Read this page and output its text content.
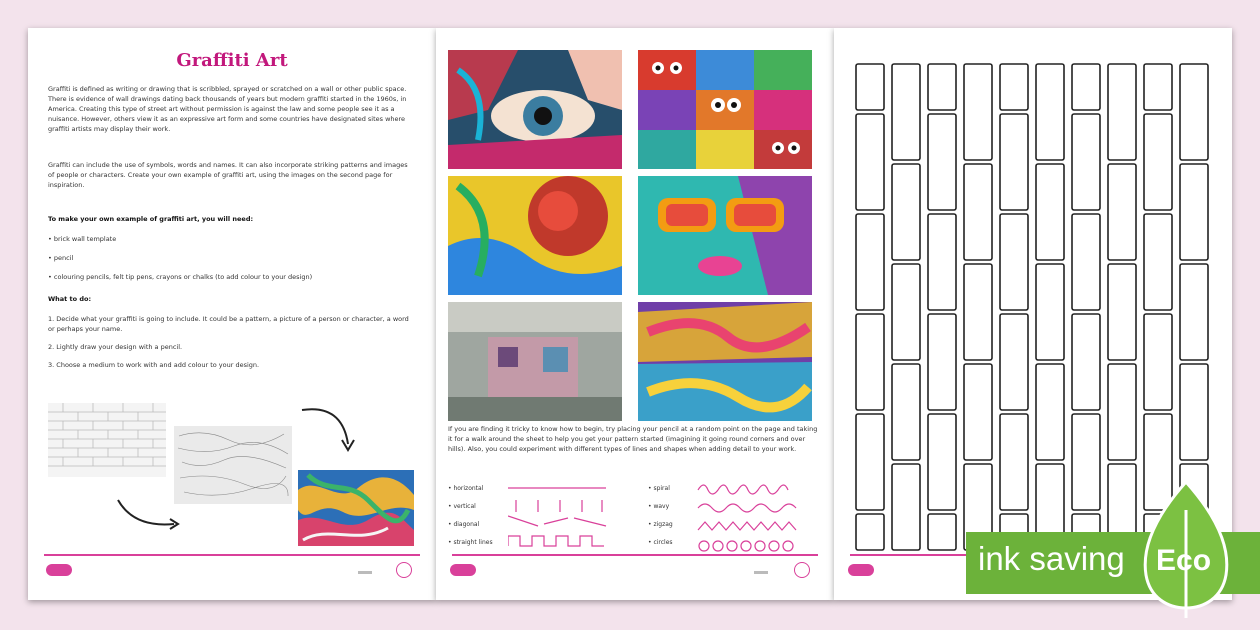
Graffiti Art
Graffiti is defined as writing or drawing that is scribbled, sprayed or scratched on a wall or other public space. There is evidence of wall drawings dating back thousands of years but modern graffiti started in the 1960s, in America. Creating this type of street art without permission is against the law and some people see it as a nuisance. However, others view it as an expressive art form and some countries have designated sites where graffiti artists may display their work.
Graffiti can include the use of symbols, words and names. It can also incorporate striking patterns and images of people or characters. Create your own example of graffiti art, using the images on the second page for inspiration.
To make your own example of graffiti art, you will need:
• brick wall template
• pencil
• colouring pencils, felt tip pens, crayons or chalks (to add colour to your design)
What to do:
1. Decide what your graffiti is going to include. It could be a pattern, a picture of a person or character, a word or perhaps your name.
2. Lightly draw your design with a pencil.
3. Choose a medium to work with and add colour to your design.
If you are finding it tricky to know how to begin, try placing your pencil at a random point on the page and taking it for a walk around the sheet to help you get your pattern started (imagining it going round corners and over hills). Also, you could experiment with different types of lines and shapes when adding detail to your work.
• horizontal
• vertical
• diagonal
• straight lines
• spiral
• wavy
• zigzag
• circles	ink saving Eco
